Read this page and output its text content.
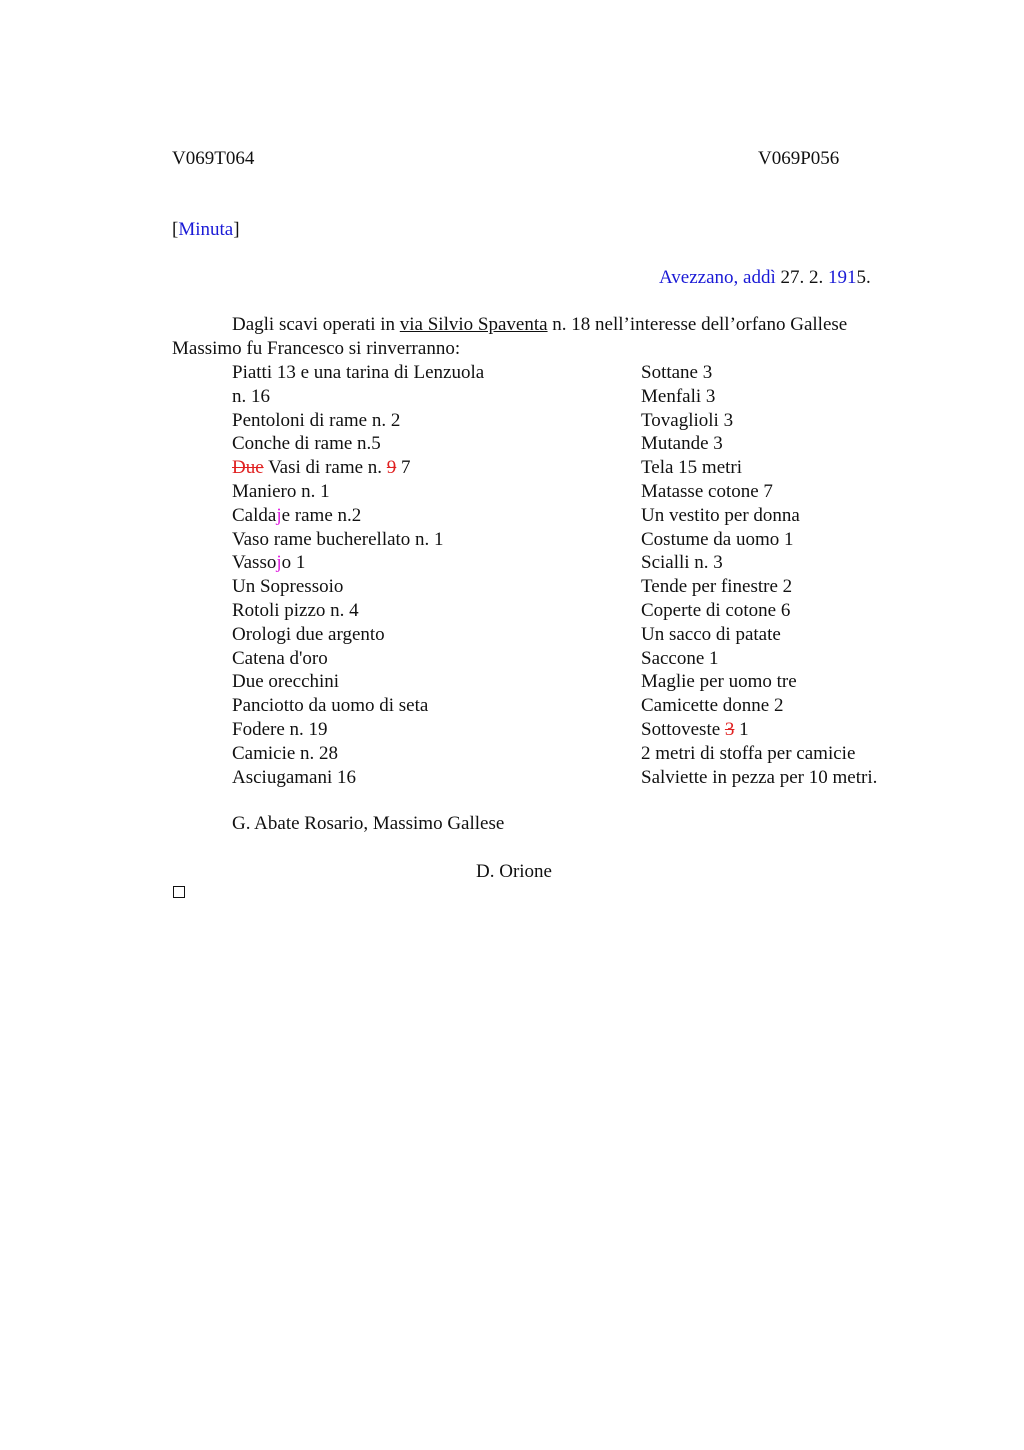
V069T064	V069P056
[Minuta]
Avezzano, addì 27. 2. 1915.
Dagli scavi operati in via Silvio Spaventa n. 18 nell’interesse dell’orfano Gallese Massimo fu Francesco si rinverranno:
Piatti 13 e una tarina di Lenzuola
n. 16
Pentoloni di rame n. 2
Conche di rame n.5
Due Vasi di rame n. 9 7
Maniero n. 1
Caldaje rame n.2
Vaso rame bucherellato n. 1
Vassojo 1
Un Sopressoio
Rotoli pizzo n. 4
Orologi due argento
Catena d'oro
Due orecchini
Panciotto da uomo di seta
Fodere n. 19
Camicie n. 28
Asciugamani 16
Sottane 3
Menfali 3
Tovaglioli 3
Mutande 3
Tela 15 metri
Matasse cotone 7
Un vestito per donna
Costume da uomo 1
Scialli n. 3
Tende per finestre 2
Coperte di cotone 6
Un sacco di patate
Saccone 1
Maglie per uomo tre
Camicette donne 2
Sottoveste 3 1
2 metri di stoffa per camicie
Salviette in pezza per 10 metri.
G. Abate Rosario, Massimo Gallese
D. Orione
